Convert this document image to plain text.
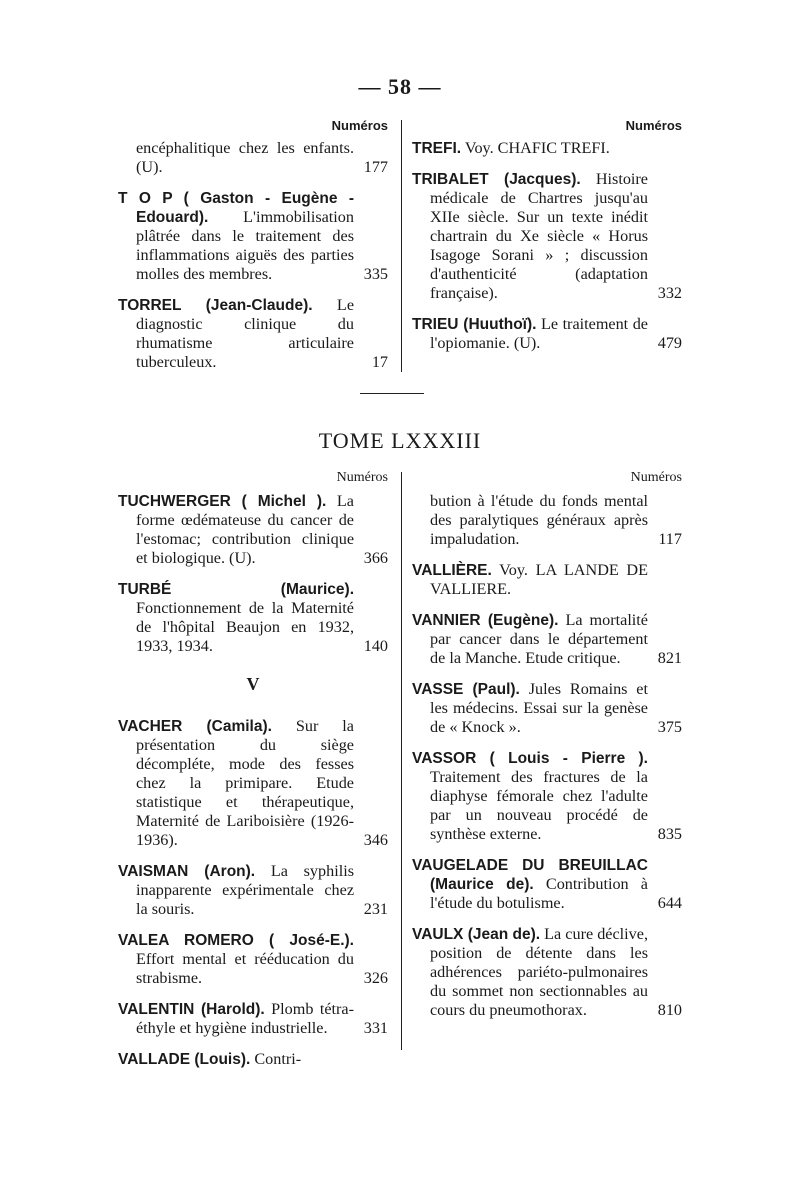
— 58 —
Numéros
encéphalitique chez les enfants. (U).	177
T O P ( Gaston - Eugène - Edouard). L'immobilisation plâtrée dans le traitement des inflammations aiguës des parties molles des membres.	335
TORREL (Jean-Claude). Le diagnostic clinique du rhumatisme articulaire tuberculeux.	17
Numéros
TREFI. Voy. CHAFIC TREFI.
TRIBALET (Jacques). Histoire médicale de Chartres jusqu'au XIIe siècle. Sur un texte inédit chartrain du Xe siècle « Horus Isagoge Sorani » ; discussion d'authenticité (adaptation française).	332
TRIEU (Huuthoï). Le traitement de l'opiomanie. (U).	479
TOME LXXXIII
Numéros
TUCHWERGER ( Michel ). La forme œdémateuse du cancer de l'estomac; contribution clinique et biologique. (U).	366
TURBÉ (Maurice). Fonctionnement de la Maternité de l'hôpital Beaujon en 1932, 1933, 1934.	140
V
VACHER (Camila). Sur la présentation du siège décompléte, mode des fesses chez la primipare. Etude statistique et thérapeutique, Maternité de Lariboisière (1926-1936).	346
VAISMAN (Aron). La syphilis inapparente expérimentale chez la souris.	231
VALEA ROMERO ( José-E.). Effort mental et rééducation du strabisme.	326
VALENTIN (Harold). Plomb tétra-éthyle et hygiène industrielle. 331
VALLADE (Louis). Contri-
Numéros
bution à l'étude du fonds mental des paralytiques généraux après impaludation.	117
VALLIÈRE. Voy. LA LANDE DE VALLIERE.
VANNIER (Eugène). La mortalité par cancer dans le département de la Manche. Etude critique. 821
VASSE (Paul). Jules Romains et les médecins. Essai sur la genèse de « Knock ».	375
VASSOR ( Louis - Pierre ). Traitement des fractures de la diaphyse fémorale chez l'adulte par un nouveau procédé de synthèse externe.	835
VAUGELADE DU BREUILLAC (Maurice de). Contribution à l'étude du botulisme.	644
VAULX (Jean de). La cure déclive, position de détente dans les adhérences pariéto-pulmonaires du sommet non sectionnables au cours du pneumothorax.	810
